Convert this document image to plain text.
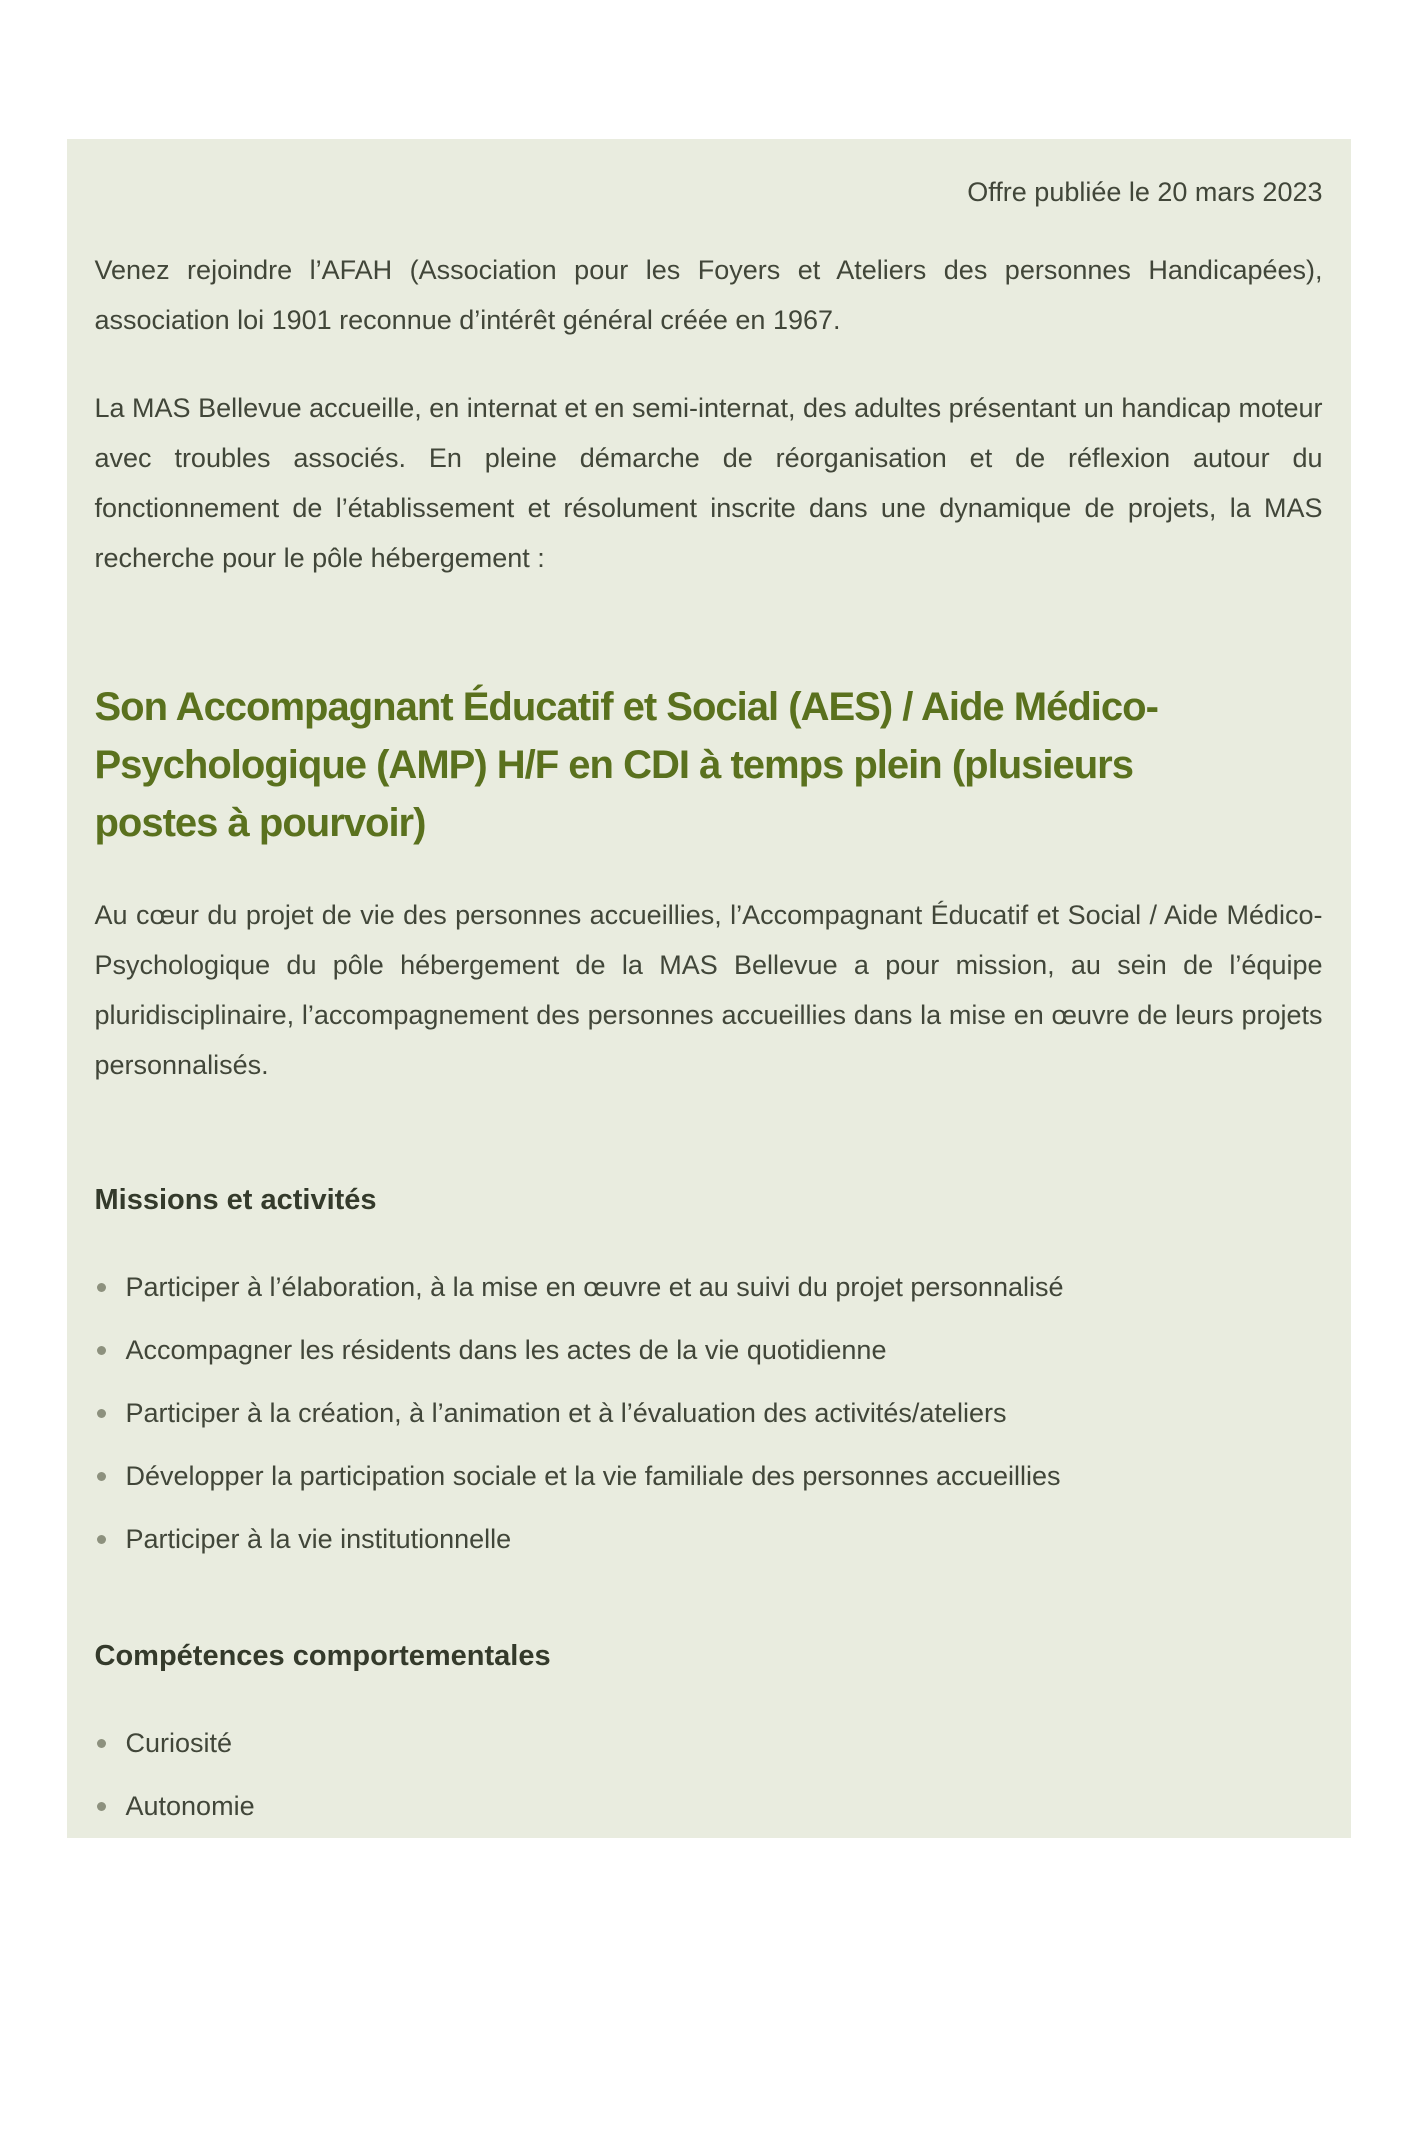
Offre publiée le 20 mars 2023

Venez rejoindre l’AFAH (Association pour les Foyers et Ateliers des personnes Handicapées), association loi 1901 reconnue d’intérêt général créée en 1967.

La MAS Bellevue accueille, en internat et en semi-internat, des adultes présentant un handicap moteur avec troubles associés. En pleine démarche de réorganisation et de réflexion autour du fonctionnement de l’établissement et résolument inscrite dans une dynamique de projets, la MAS recherche pour le pôle hébergement :

Son Accompagnant Éducatif et Social (AES) / Aide Médico-
Psychologique (AMP) H/F en CDI à temps plein (plusieurs
postes à pourvoir)

Au cœur du projet de vie des personnes accueillies, l’Accompagnant Éducatif et Social / Aide Médico-Psychologique du pôle hébergement de la MAS Bellevue a pour mission, au sein de l’équipe pluridisciplinaire, l’accompagnement des personnes accueillies dans la mise en œuvre de leurs projets personnalisés.

Missions et activités
Participer à l’élaboration, à la mise en œuvre et au suivi du projet personnalisé
Accompagner les résidents dans les actes de la vie quotidienne
Participer à la création, à l’animation et à l’évaluation des activités/ateliers
Développer la participation sociale et la vie familiale des personnes accueillies
Participer à la vie institutionnelle
Compétences comportementales
Curiosité
Autonomie
